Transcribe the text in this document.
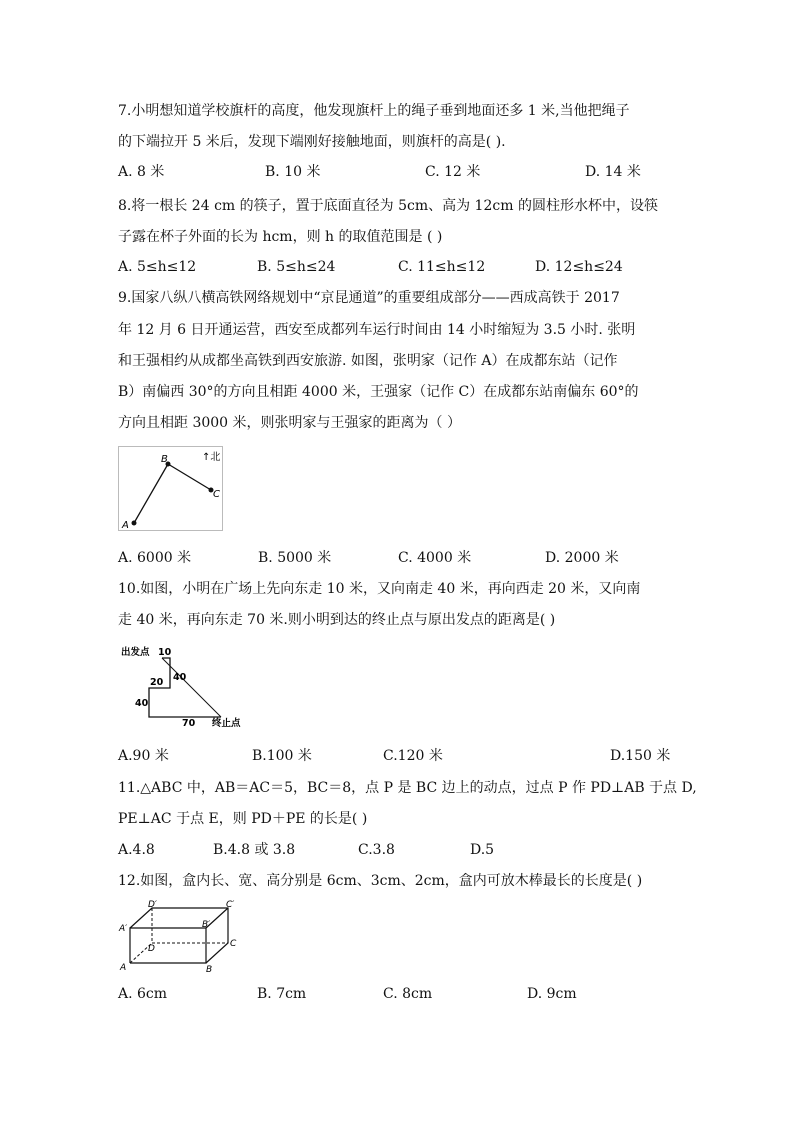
7.小明想知道学校旗杆的高度，他发现旗杆上的绳子垂到地面还多 1 米,当他把绳子
的下端拉开 5 米后，发现下端刚好接触地面，则旗杆的高是( ).
A. 8 米	B. 10 米	C. 12 米	D. 14 米
8.将一根长 24 cm 的筷子，置于底面直径为 5cm、高为 12cm 的圆柱形水杯中，设筷
子露在杯子外面的长为 hcm，则 h 的取值范围是 ( )
A. 5≤h≤12	B. 5≤h≤24	C. 11≤h≤12	D. 12≤h≤24
9.国家八纵八横高铁网络规划中“京昆通道”的重要组成部分——西成高铁于 2017
年 12 月 6 日开通运营，西安至成都列车运行时间由 14 小时缩短为 3.5 小时. 张明
和王强相约从成都坐高铁到西安旅游. 如图，张明家（记作 A）在成都东站（记作
B）南偏西 30°的方向且相距 4000 米，王强家（记作 C）在成都东站南偏东 60°的
方向且相距 3000 米，则张明家与王强家的距离为（ ）
A
B
C
↑北
A. 6000 米	B. 5000 米	C. 4000 米	D. 2000 米
10.如图，小明在广场上先向东走 10 米，又向南走 40 米，再向西走 20 米，又向南
走 40 米，再向东走 70 米.则小明到达的终止点与原出发点的距离是( )
出发点 10
20 40
40
70 终止点
A.90 米	B.100 米	C.120 米	D.150 米
11.△ABC 中，AB＝AC＝5，BC＝8，点 P 是 BC 边上的动点，过点 P 作 PD⊥AB 于点 D,
PE⊥AC 于点 E，则 PD＋PE 的长是( )
A.4.8	B.4.8 或 3.8	C.3.8	D.5
12.如图，盒内长、宽、高分别是 6cm、3cm、2cm，盒内可放木棒最长的长度是( )
D′	C′
A′	B′
D	C
A	B
A. 6cm	B. 7cm	C. 8cm	D. 9cm
